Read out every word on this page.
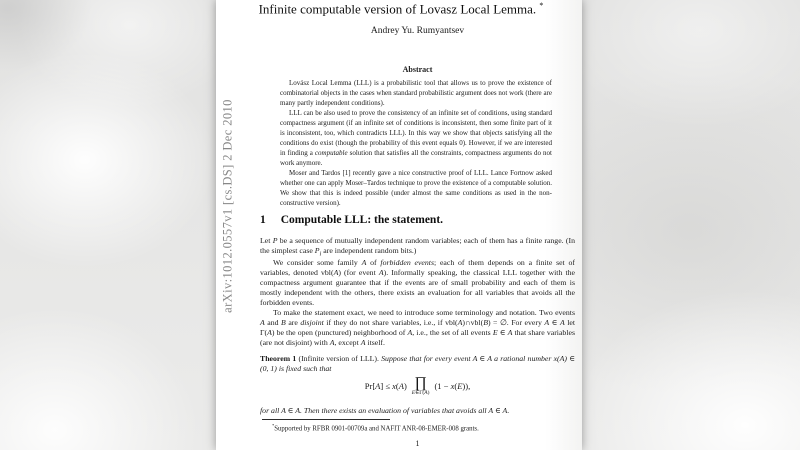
Infinite computable version of Lovasz Local Lemma. *
Andrey Yu. Rumyantsev
Abstract

Lovász Local Lemma (LLL) is a probabilistic tool that allows us to prove the existence of combinatorial objects in the cases when standard probabilistic argument does not work (there are many partly independent conditions).

LLL can be also used to prove the consistency of an infinite set of conditions, using standard compactness argument (if an infinite set of conditions is inconsistent, then some finite part of it is inconsistent, too, which contradicts LLL). In this way we show that objects satisfying all the conditions do exist (though the probability of this event equals 0). However, if we are interested in finding a computable solution that satisfies all the constraints, compactness arguments do not work anymore.

Moser and Tardos [1] recently gave a nice constructive proof of LLL. Lance Fortnow asked whether one can apply Moser–Tardos technique to prove the existence of a computable solution. We show that this is indeed possible (under almost the same conditions as used in the non-constructive version).

1 Computable LLL: the statement.
Let P be a sequence of mutually independent random variables; each of them has a finite range. (In the simplest case $P_i$ are independent random bits.)
We consider some family A of forbidden events; each of them depends on a finite set of variables, denoted vbl(A) (for event A). Informally speaking, the classical LLL together with the compactness argument guarantee that if the events are of small probability and each of them is mostly independent with the others, there exists an evaluation for all variables that avoids all the forbidden events.
To make the statement exact, we need to introduce some terminology and notation. Two events A and B are disjoint if they do not share variables, i.e., if vbl(A)∩vbl(B) = ∅. For every A ∈ A let Γ(A) be the open (punctured) neighborhood of A, i.e., the set of all events E ∈ A that share variables (are not disjoint) with A, except A itself.
Theorem 1 (Infinite version of LLL). Suppose that for every event A ∈ A a rational number x(A) ∈ (0, 1) is fixed such that
Pr[A] ≤ x(A) ∏
E∈Γ(A)
(1 − x(E)),
for all A ∈ A. Then there exists an evaluation of variables that avoids all A ∈ A.
*Supported by RFBR 0901-00709a and NAFIT ANR-08-EMER-008 grants.
1
arXiv:1012.0557v1 [cs.DS] 2 Dec 2010
